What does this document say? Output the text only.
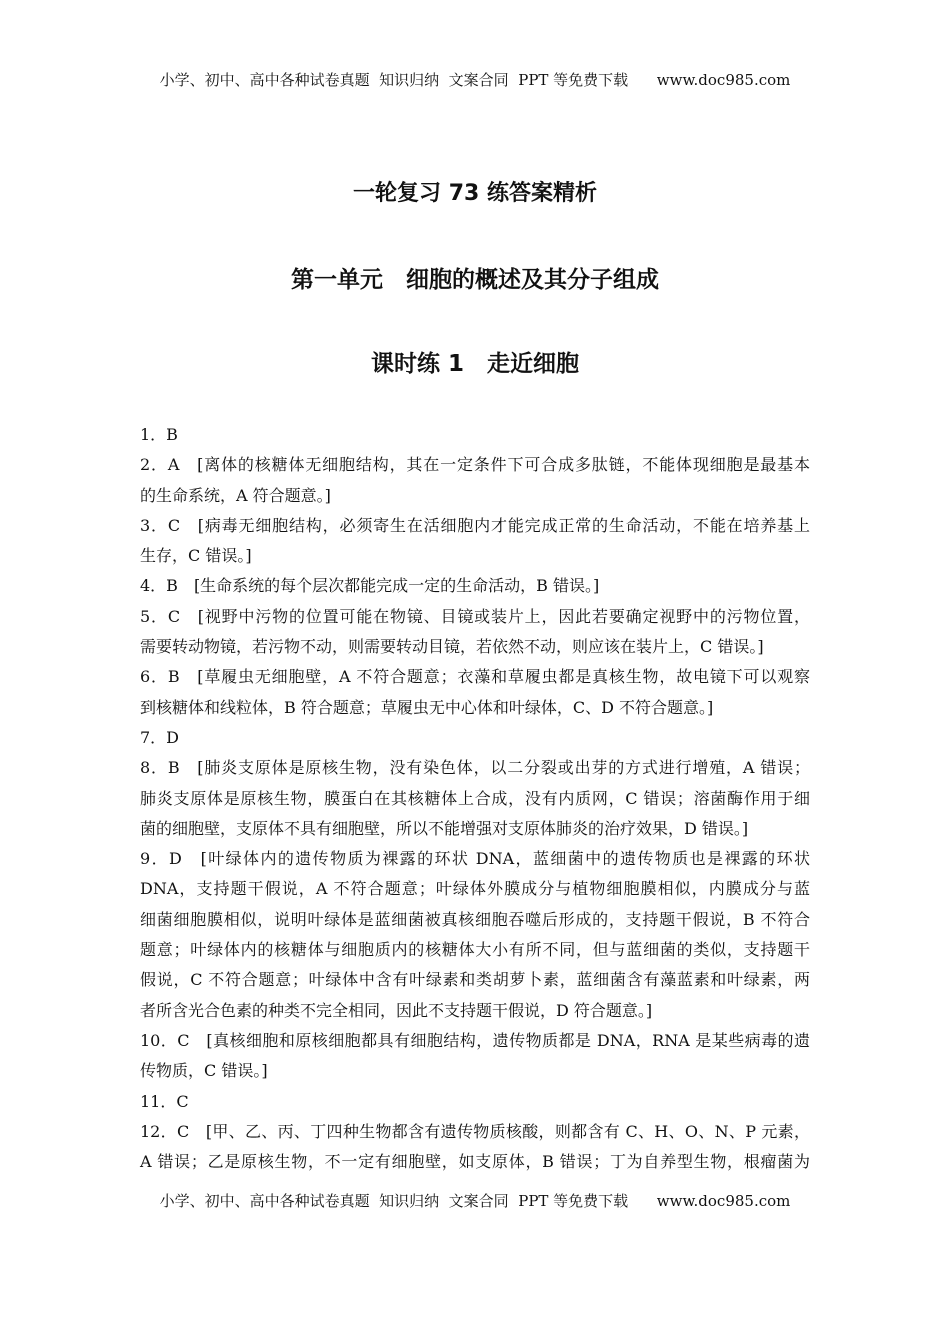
小学、初中、高中各种试卷真题  知识归纳  文案合同  PPT 等免费下载      www.doc985.com
一轮复习 73 练答案精析
第一单元　细胞的概述及其分子组成
课时练 1　走近细胞
1．B
2．A　[离体的核糖体无细胞结构，其在一定条件下可合成多肽链，不能体现细胞是最基本
的生命系统，A 符合题意。]
3．C　[病毒无细胞结构，必须寄生在活细胞内才能完成正常的生命活动，不能在培养基上
生存，C 错误。]
4．B　[生命系统的每个层次都能完成一定的生命活动，B 错误。]
5．C　[视野中污物的位置可能在物镜、目镜或装片上，因此若要确定视野中的污物位置，
需要转动物镜，若污物不动，则需要转动目镜，若依然不动，则应该在装片上，C 错误。]
6．B　[草履虫无细胞壁，A 不符合题意；衣藻和草履虫都是真核生物，故电镜下可以观察
到核糖体和线粒体，B 符合题意；草履虫无中心体和叶绿体，C、D 不符合题意。]
7．D
8．B　[肺炎支原体是原核生物，没有染色体，以二分裂或出芽的方式进行增殖，A 错误；
肺炎支原体是原核生物，膜蛋白在其核糖体上合成，没有内质网，C 错误；溶菌酶作用于细
菌的细胞壁，支原体不具有细胞壁，所以不能增强对支原体肺炎的治疗效果，D 错误。]
9．D　[叶绿体内的遗传物质为裸露的环状 DNA，蓝细菌中的遗传物质也是裸露的环状
DNA，支持题干假说，A 不符合题意；叶绿体外膜成分与植物细胞膜相似，内膜成分与蓝
细菌细胞膜相似，说明叶绿体是蓝细菌被真核细胞吞噬后形成的，支持题干假说，B 不符合
题意；叶绿体内的核糖体与细胞质内的核糖体大小有所不同，但与蓝细菌的类似，支持题干
假说，C 不符合题意；叶绿体中含有叶绿素和类胡萝卜素，蓝细菌含有藻蓝素和叶绿素，两
者所含光合色素的种类不完全相同，因此不支持题干假说，D 符合题意。]
10．C　[真核细胞和原核细胞都具有细胞结构，遗传物质都是 DNA，RNA 是某些病毒的遗
传物质，C 错误。]
11．C
12．C　[甲、乙、丙、丁四种生物都含有遗传物质核酸，则都含有 C、H、O、N、P 元素，
A 错误；乙是原核生物，不一定有细胞壁，如支原体，B 错误；丁为自养型生物，根瘤菌为
小学、初中、高中各种试卷真题  知识归纳  文案合同  PPT 等免费下载      www.doc985.com
